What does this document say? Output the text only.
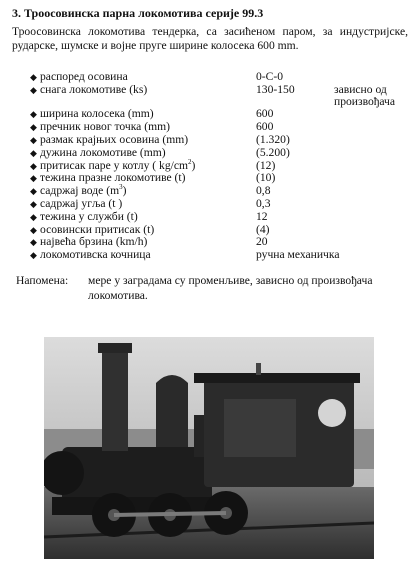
3. Троосовинска парна локомотива серије 99.3

Троосовинска локомотива тендерка, са засићеном паром, за индустријске, рударске, шумске и војне пруге ширине колосека 600 mm.

◆ распоред осовина	0-C-0	
◆ снага локомотиве (ks)	130-150	зависно од произвођача

◆ ширина колосека (mm)	600	
◆ пречник новог точка (mm)	600	
◆ размак крајњих осовина (mm)	(1.320)	
◆ дужина локомотиве (mm)	(5.200)	
◆ притисак паре у котлу ( $kg/cm^2$)	(12)	
◆ тежина празне локомотиве (t)	(10)	
◆ садржај воде $(m^3)$	0,8	
◆ садржај угља (t )	0,3	
◆ тежина у служби (t)	12	
◆ осовински притисак (t)	(4)	
◆ највећа брзина (km/h)	20	
◆ локомотивска кочница	ручна механичка	
Напомена: мере у заградама су променљиве, зависно од произвођача локомотива.
